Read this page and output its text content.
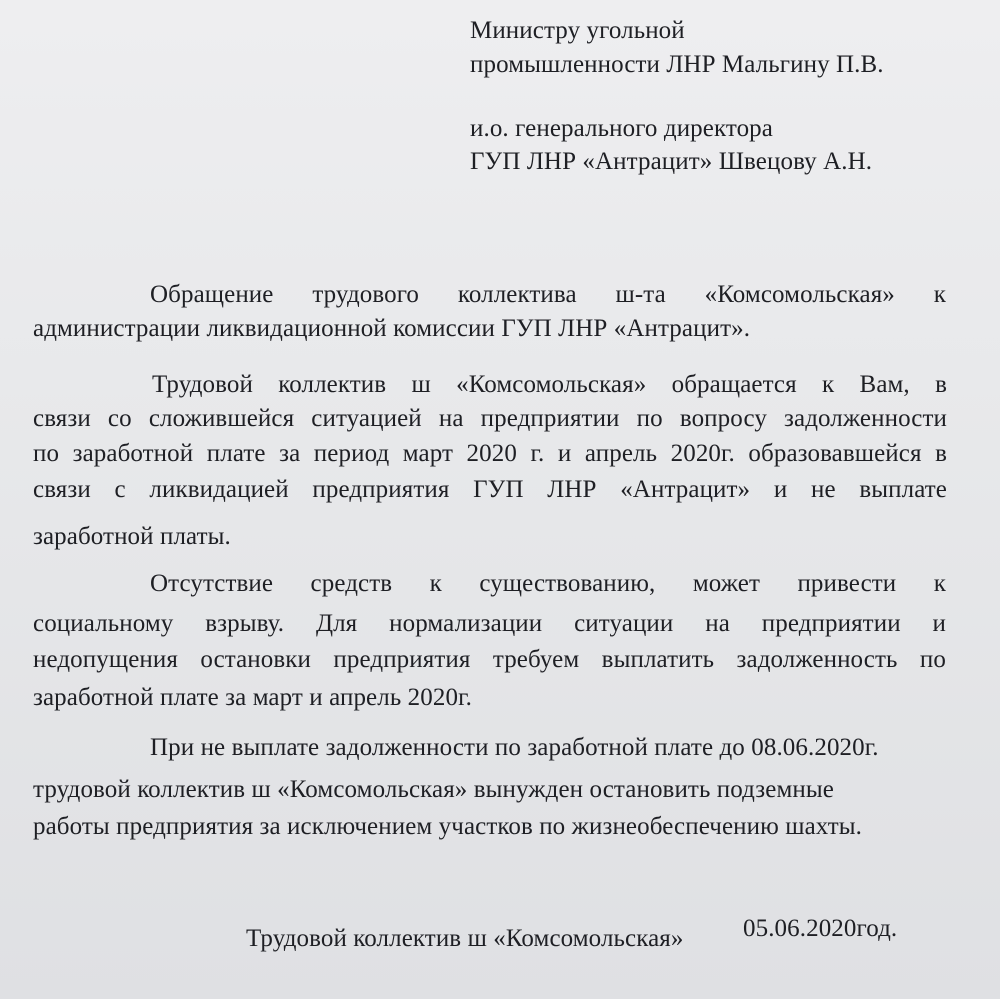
Министру угольной
промышленности ЛНР Мальгину П.В.
и.о. генерального директора
ГУП ЛНР «Антрацит» Швецову А.Н.
Обращение трудового коллектива ш-та «Комсомольская» к
администрации ликвидационной комиссии ГУП ЛНР «Антрацит».
Трудовой коллектив ш «Комсомольская» обращается к Вам, в
связи со сложившейся ситуацией на предприятии по вопросу задолженности
по заработной плате за период март 2020 г. и апрель 2020г. образовавшейся в
связи с ликвидацией предприятия ГУП ЛНР «Антрацит» и не выплате
заработной платы.
Отсутствие средств к существованию, может привести к
социальному взрыву. Для нормализации ситуации на предприятии и
недопущения остановки предприятия требуем выплатить задолженность по
заработной плате за март и апрель 2020г.
При не выплате задолженности по заработной плате до 08.06.2020г.
трудовой коллектив ш «Комсомольская» вынужден остановить подземные
работы предприятия за исключением участков по жизнеобеспечению шахты.
Трудовой коллектив ш «Комсомольская» 05.06.2020год.
